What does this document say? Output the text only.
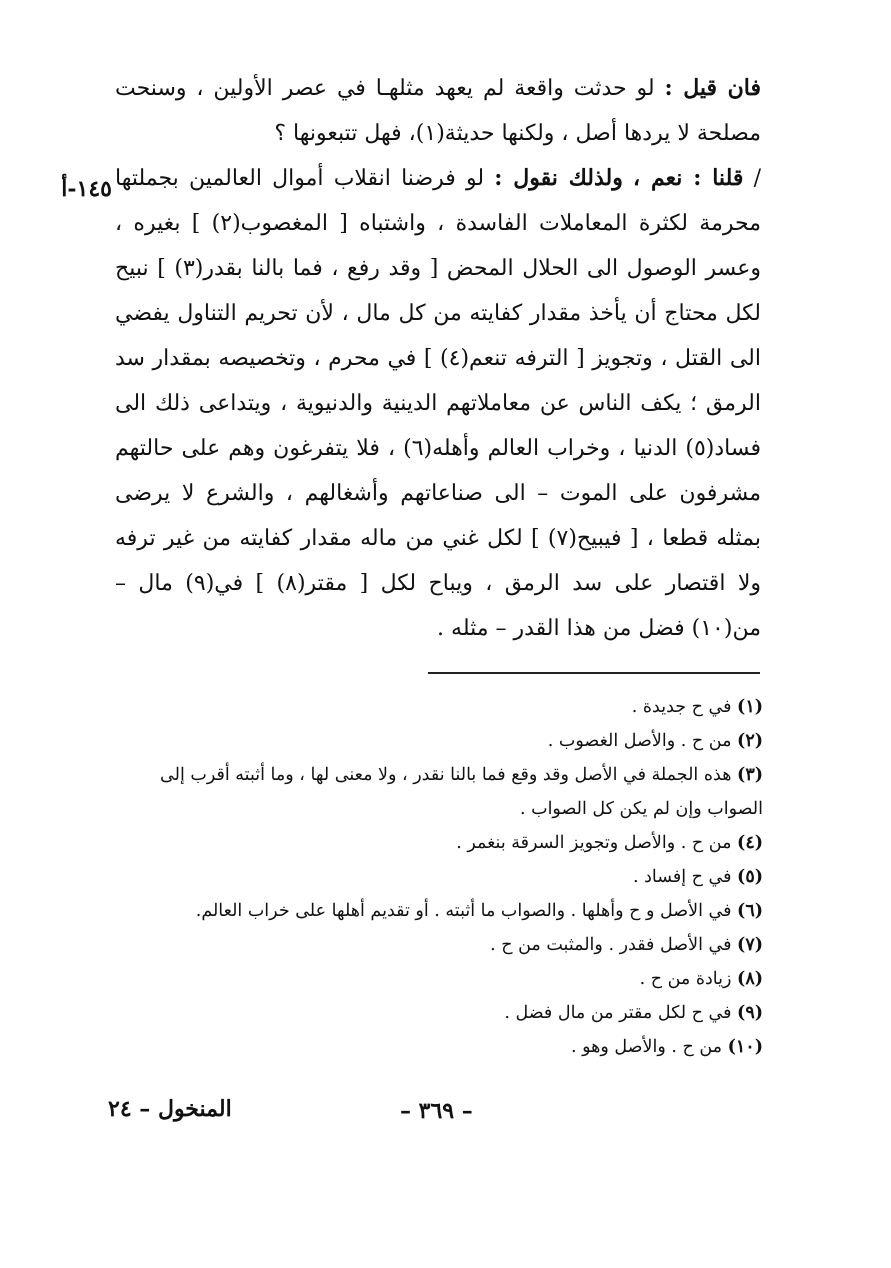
١٤٥-أ

فان قيل : لو حدثت واقعة لم يعهد مثلهـا في عصر الأولين ، وسنحت مصلحة لا يردها أصل ، ولكنها حديثة(١)، فهل تتبعونها ؟

/ قلنا : نعم ، ولذلك نقول : لو فرضنا انقلاب أموال العالمين بجملتها محرمة لكثرة المعاملات الفاسدة ، واشتباه [ المغصوب(٢) ] بغيره ، وعسر الوصول الى الحلال المحض [ وقد رفع ، فما بالنا بقدر(٣) ] نبيح لكل محتاج أن يأخذ مقدار كفايته من كل مال ، لأن تحريم التناول يفضي الى القتل ، وتجويز [ الترفه تنعم(٤) ] في محرم ، وتخصيصه بمقدار سد الرمق ؛ يكف الناس عن معاملاتهم الدينية والدنيوية ، ويتداعى ذلك الى فساد(٥) الدنيا ، وخراب العالم وأهله(٦) ، فلا يتفرغون وهم على حالتهم مشرفون على الموت – الى صناعاتهم وأشغالهم ، والشرع لا يرضى بمثله قطعا ، [ فيبيح(٧) ] لكل غني من ماله مقدار كفايته من غير ترفه ولا اقتصار على سد الرمق ، ويباح لكل [ مقتر(٨) ] في(٩) مال – من(١٠) فضل من هذا القدر – مثله .

(١) في ح جديدة .

(٢) من ح . والأصل الغصوب .

(٣) هذه الجملة في الأصل وقد وقع فما بالنا نقدر ، ولا معنى لها ، وما أثبته أقرب إلى الصواب وإن لم يكن كل الصواب .

(٤) من ح . والأصل وتجويز السرقة بنغمر .

(٥) في ح إفساد .

(٦) في الأصل و ح وأهلها . والصواب ما أثبته . أو تقديم أهلها على خراب العالم.

(٧) في الأصل فقدر . والمثبت من ح .

(٨) زيادة من ح .

(٩) في ح لكل مقتر من مال فضل .

(١٠) من ح . والأصل وهو .

المنخول – ٢٤	– ٣٦٩ –
